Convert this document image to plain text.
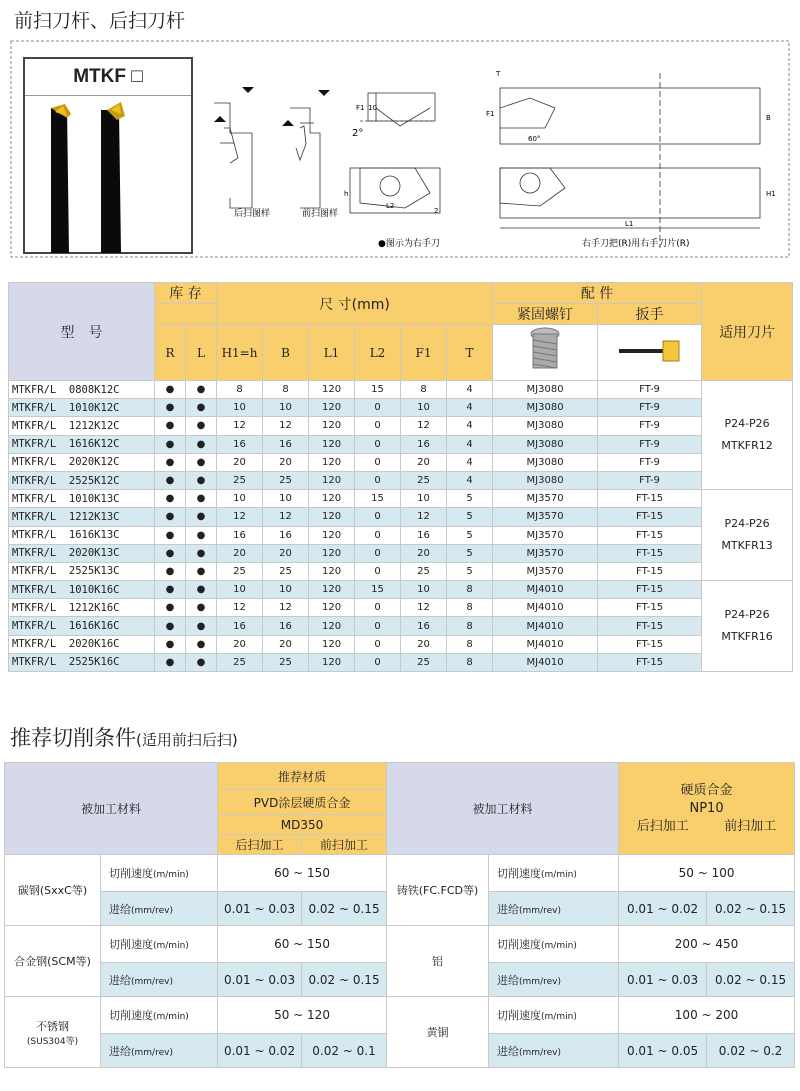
前扫刀杆、后扫刀杆
MTKF □
后扫图样	前扫图样
2°
F1 10
h
L2
2
T
F1
60°
B
H1
L1
●图示为右手刀	右手刀把(R)用右手刀片(R)
型　号	库 存		尺 寸(mm)						配 件		适用刀片
									紧固螺钉	扳手	
	R	L	H1=h	B	L1	L2	F1	T		
MTKFR/L  0808K12C	●	●	8	8	120	15	8	4	MJ3080	FT-9	P24-P26
MTKFR12

MTKFR/L  1010K12C	●	●	10	10	120	0	10	4	MJ3080	FT-9	
MTKFR/L  1212K12C	●	●	12	12	120	0	12	4	MJ3080	FT-9	
MTKFR/L  1616K12C	●	●	16	16	120	0	16	4	MJ3080	FT-9	
MTKFR/L  2020K12C	●	●	20	20	120	0	20	4	MJ3080	FT-9	
MTKFR/L  2525K12C	●	●	25	25	120	0	25	4	MJ3080	FT-9	
MTKFR/L  1010K13C	●	●	10	10	120	15	10	5	MJ3570	FT-15	P24-P26
MTKFR13

MTKFR/L  1212K13C	●	●	12	12	120	0	12	5	MJ3570	FT-15	
MTKFR/L  1616K13C	●	●	16	16	120	0	16	5	MJ3570	FT-15	
MTKFR/L  2020K13C	●	●	20	20	120	0	20	5	MJ3570	FT-15	
MTKFR/L  2525K13C	●	●	25	25	120	0	25	5	MJ3570	FT-15	
MTKFR/L  1010K16C	●	●	10	10	120	15	10	8	MJ4010	FT-15	P24-P26
MTKFR16

MTKFR/L  1212K16C	●	●	12	12	120	0	12	8	MJ4010	FT-15	
MTKFR/L  1616K16C	●	●	16	16	120	0	16	8	MJ4010	FT-15	
MTKFR/L  2020K16C	●	●	20	20	120	0	20	8	MJ4010	FT-15	
MTKFR/L  2525K16C	●	●	25	25	120	0	25	8	MJ4010	FT-15	
推荐切削条件(适用前扫后扫)
被加工材料		推荐材质		被加工材料		硬质合金
NP10
后扫加工 前扫加工	

		PVD涂层硬质合金					
		MD350					
		后扫加工	前扫加工				

碳钢(SxxC等)	切削速度(m/min)	60 ~ 150		铸铁(FC.FCD等)	切削速度(m/min)	50 ~ 100	
	进给(mm/rev)	0.01 ~ 0.03	0.02 ~ 0.15		进给(mm/rev)	0.01 ~ 0.02	0.02 ~ 0.15

合金钢(SCM等)	切削速度(m/min)	60 ~ 150		铝	切削速度(m/min)	200 ~ 450	
	进给(mm/rev)	0.01 ~ 0.03	0.02 ~ 0.15		进给(mm/rev)	0.01 ~ 0.03	0.02 ~ 0.15

不锈钢
(SUS304等)	切削速度(m/min)	50 ~ 120		黄铜	切削速度(m/min)	100 ~ 200	
	进给(mm/rev)	0.01 ~ 0.02	0.02 ~ 0.1		进给(mm/rev)	0.01 ~ 0.05	0.02 ~ 0.2
